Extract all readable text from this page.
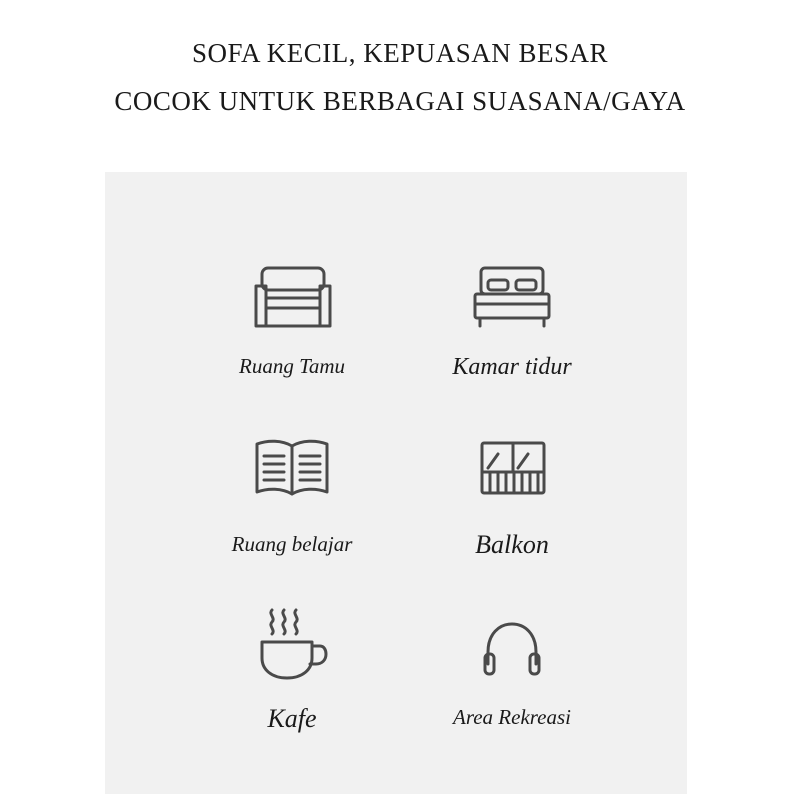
SOFA KECIL, KEPUASAN BESAR
COCOK UNTUK BERBAGAI SUASANA/GAYA
Ruang Tamu	Kamar tidur
Ruang belajar	Balkon
Kafe	Area Rekreasi
